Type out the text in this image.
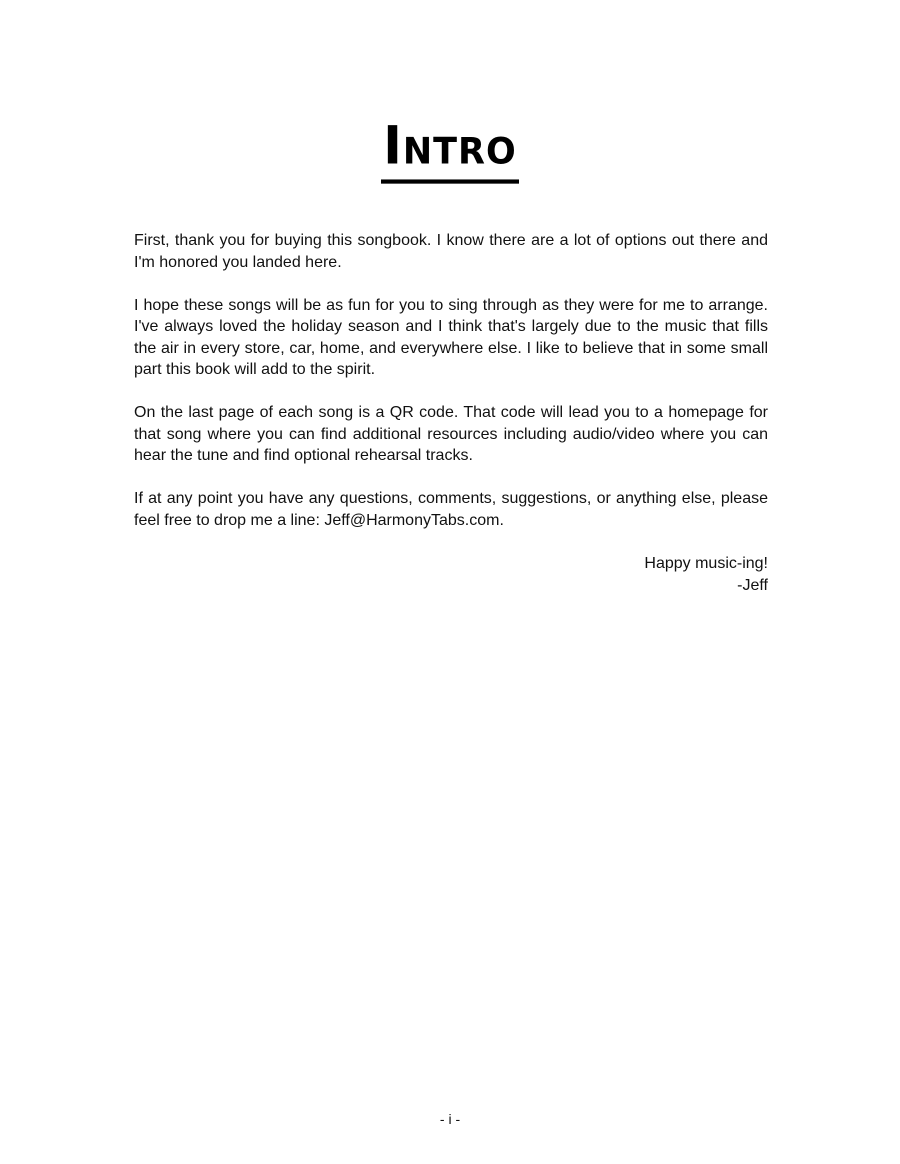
Intro

First, thank you for buying this songbook. I know there are a lot of options out there and I'm honored you landed here.

I hope these songs will be as fun for you to sing through as they were for me to arrange. I've always loved the holiday season and I think that's largely due to the music that fills the air in every store, car, home, and everywhere else. I like to believe that in some small part this book will add to the spirit.

On the last page of each song is a QR code. That code will lead you to a homepage for that song where you can find additional resources including audio/video where you can hear the tune and find optional rehearsal tracks.

If at any point you have any questions, comments, suggestions, or anything else, please feel free to drop me a line: Jeff@HarmonyTabs.com.

Happy music-ing!
-Jeff
- i -
